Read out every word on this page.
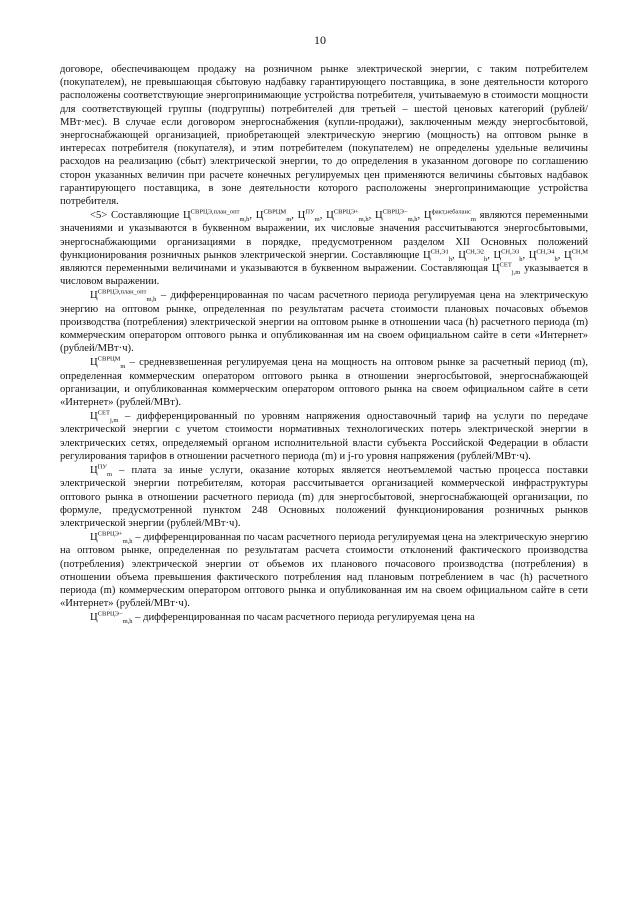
10

договоре, обеспечивающем продажу на розничном рынке электрической энергии, с таким потребителем (покупателем), не превышающая сбытовую надбавку гарантирующего поставщика, в зоне деятельности которого расположены соответствующие энергопринимающие устройства потребителя, учитываемую в стоимости мощности для соответствующей группы (подгруппы) потребителей для третьей – шестой ценовых категорий (рублей/МВт·мес). В случае если договором энергоснабжения (купли-продажи), заключенным между энергосбытовой, энергоснабжающей организацией, приобретающей электрическую энергию (мощность) на оптовом рынке в интересах потребителя (покупателя), и этим потребителем (покупателем) не определены удельные величины расходов на реализацию (сбыт) электрической энергии, то до определения в указанном договоре по соглашению сторон указанных величин при расчете конечных регулируемых цен применяются величины сбытовых надбавок гарантирующего поставщика, в зоне деятельности которого расположены энергопринимающие устройства потребителя.

<5> Составляющие $Ц^{СВРЦЭ,план\_опт}_{m,h}$, $Ц^{СВРЦМ}_m$, $Ц^{ПУ}_m$, $Ц^{СВРЦЭ+}_{m,h}$, $Ц^{СВРЦЭ-}_{m,h}$, $Ц^{факт,небаланс}_m$ являются переменными значениями и указываются в буквенном выражении, их числовые значения рассчитываются энергосбытовыми, энергоснабжающими организациями в порядке, предусмотренном разделом XII Основных положений функционирования розничных рынков электрической энергии. Составляющие $Ц^{СН,Э1}_h$, $Ц^{СН,Э2}_h$, $Ц^{СН,Э3}_h$, $Ц^{СН,Э4}_h$, $Ц^{СН,М}$ являются переменными величинами и указываются в буквенном выражении. Составляющая $Ц^{СЕТ}_{j,m}$ указывается в числовом выражении.

$Ц^{СВРЦЭ,план\_опт}_{m,h}$ – дифференцированная по часам расчетного периода регулируемая цена на электрическую энергию на оптовом рынке, определенная по результатам расчета стоимости плановых почасовых объемов производства (потребления) электрической энергии на оптовом рынке в отношении часа (h) расчетного периода (m) коммерческим оператором оптового рынка и опубликованная им на своем официальном сайте в сети «Интернет» (рублей/МВт·ч).

$Ц^{СВРЦМ}_m$ – средневзвешенная регулируемая цена на мощность на оптовом рынке за расчетный период (m), определенная коммерческим оператором оптового рынка в отношении энергосбытовой, энергоснабжающей организации, и опубликованная коммерческим оператором оптового рынка на своем официальном сайте в сети «Интернет» (рублей/МВт).

$Ц^{СЕТ}_{j,m}$ – дифференцированный по уровням напряжения одноставочный тариф на услуги по передаче электрической энергии с учетом стоимости нормативных технологических потерь электрической энергии в электрических сетях, определяемый органом исполнительной власти субъекта Российской Федерации в области регулирования тарифов в отношении расчетного периода (m) и j-го уровня напряжения (рублей/МВт·ч).

$Ц^{ПУ}_m$ – плата за иные услуги, оказание которых является неотъемлемой частью процесса поставки электрической энергии потребителям, которая рассчитывается организацией коммерческой инфраструктуры оптового рынка в отношении расчетного периода (m) для энергосбытовой, энергоснабжающей организации, по формуле, предусмотренной пунктом 248 Основных положений функционирования розничных рынков электрической энергии (рублей/МВт·ч).

$Ц^{СВРЦЭ+}_{m,h}$ – дифференцированная по часам расчетного периода регулируемая цена на электрическую энергию на оптовом рынке, определенная по результатам расчета стоимости отклонений фактического производства (потребления) электрической энергии от объемов их планового почасового производства (потребления) в отношении объема превышения фактического потребления над плановым потреблением в час (h) расчетного периода (m) коммерческим оператором оптового рынка и опубликованная им на своем официальном сайте в сети «Интернет» (рублей/МВт·ч).

$Ц^{СВРЦЭ-}_{m,h}$ – дифференцированная по часам расчетного периода регулируемая цена на
